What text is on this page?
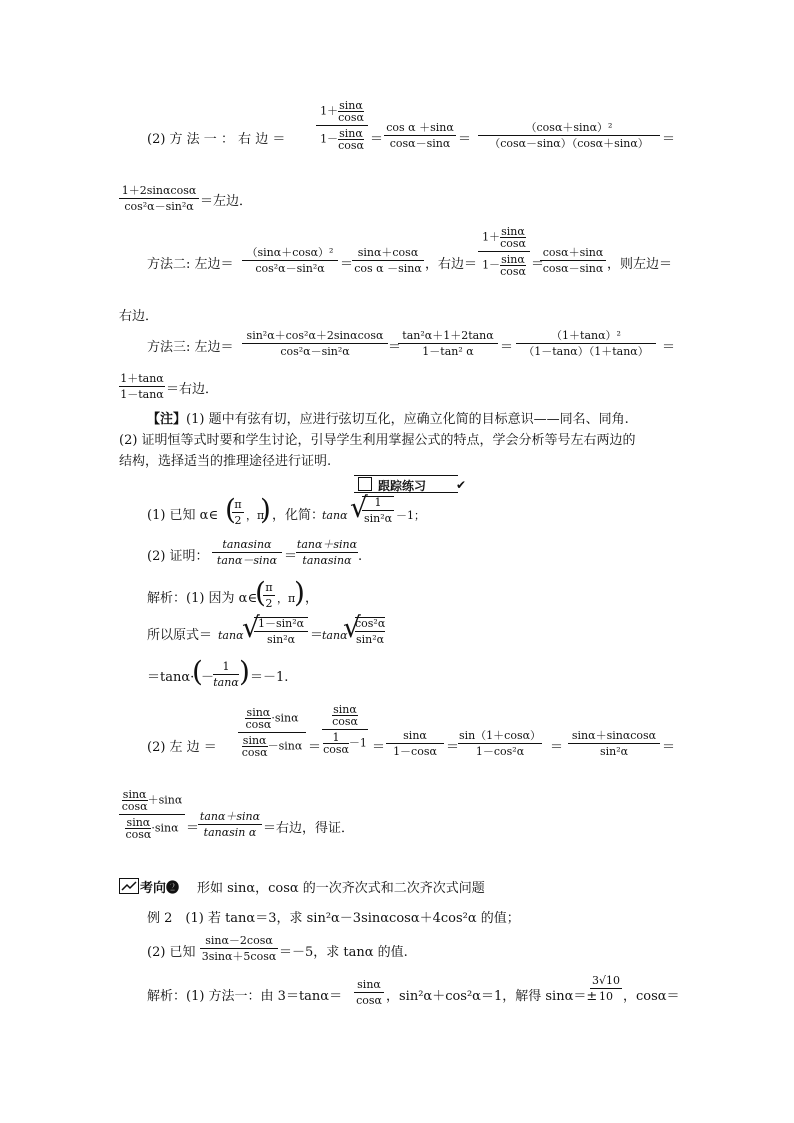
(2) 方 法 一 ： 右 边 ＝	$\frac{1+ \frac{\sin\alpha}{\cos\alpha}}{1- \frac{\sin\alpha}{\cos\alpha}} = \frac{\text{cos α ＋sinα}}{\cos\alpha-\sin\alpha} = \frac{\text{（cosα＋sinα）²}}{(\cos\alpha-\sin\alpha)(\cos\alpha+\sin\alpha)}$ ＝
$\frac{1+2\sin\alpha\cos\alpha}{\text{cos²α－sin²α}}$ ＝左边．
方法二: 左边＝ $\frac{\text{（sinα＋cosα）²}}{\text{cos²α－sin²α}}$ ＝
$\frac{\sin\alpha+\cos\alpha}{\text{cos α －sinα}}$ ，右边＝ $\frac{1+ \frac{\sin\alpha}{\cos\alpha}}{1- \frac{\sin\alpha}{\cos\alpha}}$ ＝
$\frac{\cos\alpha+\sin\alpha}{\cos\alpha-\sin\alpha}$ ，则左边＝
右边．
方法三: 左边＝ $\frac{\text{sin²α＋cos²α＋2sinαcosα}}{\text{cos²α－sin²α}}$ ＝
$\frac{\text{tan²α＋1＋2tanα}}{\text{1－tan² α}} = \frac{\text{（1＋tanα）²}}{(1-\tan\alpha)(1+\tan\alpha)}$ ＝
$\frac{1+\tan\alpha}{1-\tan\alpha}$ ＝右边．
【注】(1) 题中有弦有切，应进行弦切互化，应确立化简的目标意识——同名、同角.
(2) 证明恒等式时要和学生讨论，引导学生利用掌握公式的特点，学会分析等号左右两边的
结构，选择适当的推理途径进行证明.
跟踪练习 ✔
(1) 已知 α∈ (
$\frac{\pi}{2}$ ，π
) ，化简：
tanα √
$\frac{1}{\text{sin²α}} -1$；
(2) 证明： $\frac{\tan\alpha\sin\alpha}{\tan\alpha-\sin\alpha}$ ＝
$\frac{\tan\alpha+\sin\alpha}{\tan\alpha\sin\alpha}$ .
解析：(1) 因为 α∈
(
$\frac{\pi}{2}$ ，π
) ，
所以原式＝ tanα
√
$\frac{\text{1－sin²α}}{\text{sin²α}}$ ＝
tanα
√
$\frac{\text{cos²α}}{\text{sin²α}}$
＝tanα·
(
－
$\frac{1}{\tan\alpha}$ ) ＝－1.
(2) 左 边 ＝ $\frac{\frac{\sin\alpha}{\cos\alpha} \cdot\sin\alpha}{\frac{\sin\alpha}{\cos\alpha} -\sin\alpha} = \frac{\frac{\sin\alpha}{\cos\alpha}}{\frac{1}{\cos\alpha} -1} = \frac{\sin\alpha}{1-\cos\alpha}$ ＝
$\frac{\sin(1+\cos\alpha)}{\text{1－cos²α}} = \frac{\sin\alpha+\sin\alpha\cos\alpha}{\text{sin²α}}$ ＝
$\frac{\frac{\sin\alpha}{\cos\alpha} +\sin\alpha}{\frac{\sin\alpha}{\cos\alpha} \cdot\sin\alpha}$ ＝
$\frac{\tan\alpha+\sin\alpha}{\text{tanαsin α}}$ ＝右边，得证．
考向❷ 形如 sinα，cosα 的一次齐次式和二次齐次式问题
例 2　(1) 若 tanα＝3，求 sin²α－3sinαcosα＋4cos²α 的值；
(2) 已知 $\frac{\sin\alpha-2\cos\alpha}{3\sin\alpha+5\cos\alpha} =-5$，求 tanα 的值.
解析：(1) 方法一：由 $3=\tan\alpha= \frac{\sin\alpha}{\cos\alpha}$ ，sin²α＋cos²α＝1，解得 sinα＝±
$\frac{3√10}{10}$ ，cosα＝
